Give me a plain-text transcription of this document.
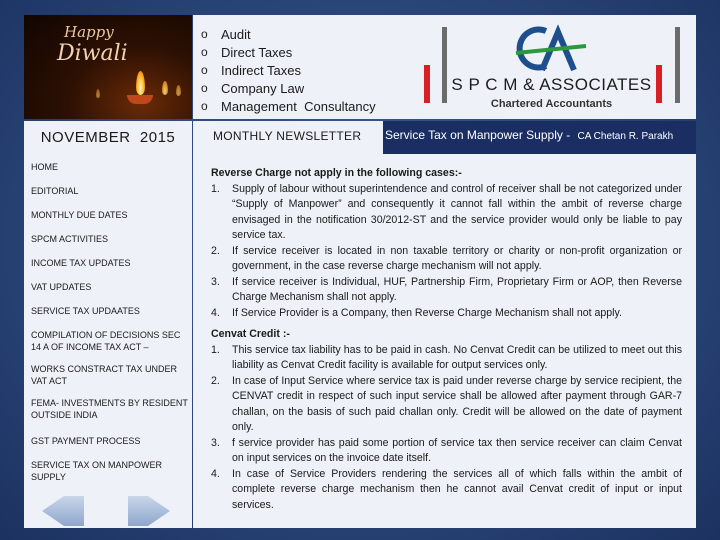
Happy
Diwali
o	Audit
o	Direct Taxes
o	Indirect Taxes
o	Company Law
o	Management  Consultancy
S P C M & ASSOCIATES
Chartered Accountants
NOVEMBER  2015	MONTHLY NEWSLETTER	Service Tax on Manpower Supply - CA Chetan R. Parakh
HOME
EDITORIAL
MONTHLY DUE DATES
SPCM ACTIVITIES
INCOME TAX UPDATES
VAT UPDATES
SERVICE TAX UPDAATES
COMPILATION OF DECISIONS SEC 14 A OF INCOME TAX ACT –
WORKS CONSTRACT TAX UNDER VAT ACT
FEMA- INVESTMENTS BY RESIDENT OUTSIDE INDIA
GST PAYMENT PROCESS
SERVICE TAX ON MANPOWER SUPPLY
Reverse Charge not apply in the following cases:-
1.	Supply of labour without superintendence and control of receiver shall be not categorized under “Supply of Manpower” and consequently it cannot fall within the ambit of reverse charge envisaged in the notification 30/2012-ST and the service provider would only be liable to pay service tax.
2.	If service receiver is located in non taxable territory or charity or non-profit organization or government, in the case reverse charge mechanism will not apply.
3.	If service receiver is Individual, HUF, Partnership Firm, Proprietary Firm or AOP, then Reverse Charge Mechanism shall not apply.
4.	If Service Provider is a Company, then Reverse Charge Mechanism shall not apply.
Cenvat Credit :-
1.	This service tax liability has to be paid in cash. No Cenvat Credit can be utilized to meet out this liability as Cenvat Credit facility is available for output services only.
2.	In case of Input Service where service tax is paid under reverse charge by service recipient, the CENVAT credit in respect of such input service shall be allowed after payment through GAR-7 challan, on the basis of such paid challan only. Credit will be allowed on the date of payment only.
3.	f service provider has paid some portion of service tax then service receiver can claim Cenvat on input services on the invoice date itself.
4.	In case of Service Providers rendering the services all of which falls within the ambit of complete reverse charge mechanism then he cannot avail Cenvat credit of input or input services.
